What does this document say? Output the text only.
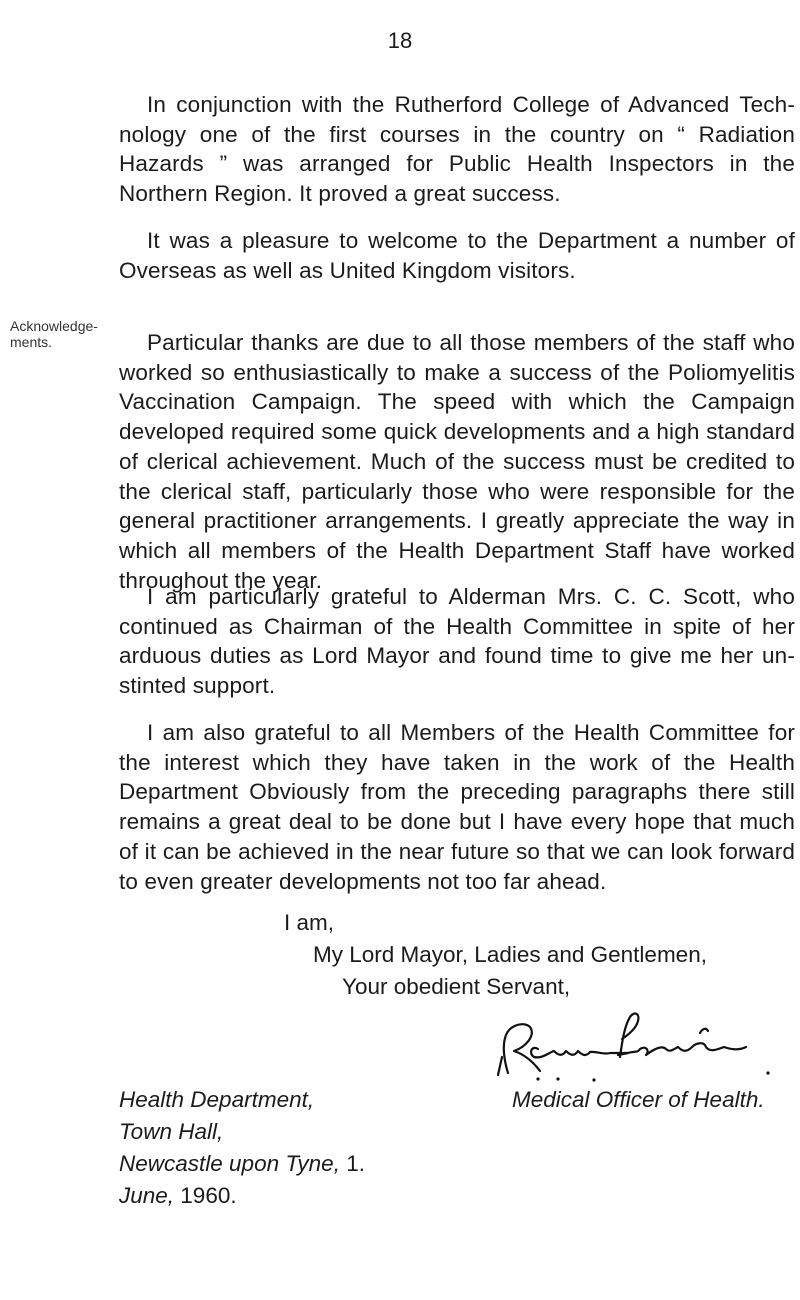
18
Acknowledge-ments.

In conjunction with the Rutherford College of Advanced Tech-nology one of the first courses in the country on “ Radiation Hazards ” was arranged for Public Health Inspectors in the Northern Region. It proved a great success.

It was a pleasure to welcome to the Department a number of Overseas as well as United Kingdom visitors.

Particular thanks are due to all those members of the staff who worked so enthusiastically to make a success of the Poliomyelitis Vaccination Campaign. The speed with which the Campaign developed required some quick developments and a high standard of clerical achievement. Much of the success must be credited to the clerical staff, particularly those who were responsible for the general practitioner arrangements. I greatly appreciate the way in which all members of the Health Department Staff have worked throughout the year.

I am particularly grateful to Alderman Mrs. C. C. Scott, who continued as Chairman of the Health Committee in spite of her arduous duties as Lord Mayor and found time to give me her un-stinted support.

I am also grateful to all Members of the Health Committee for the interest which they have taken in the work of the Health Department Obviously from the preceding paragraphs there still remains a great deal to be done but I have every hope that much of it can be achieved in the near future so that we can look forward to even greater developments not too far ahead.

I am,
My Lord Mayor, Ladies and Gentlemen,
Your obedient Servant,
Health Department,
Town Hall,
Newcastle upon Tyne, 1.
June, 1960.
Medical Officer of Health.
